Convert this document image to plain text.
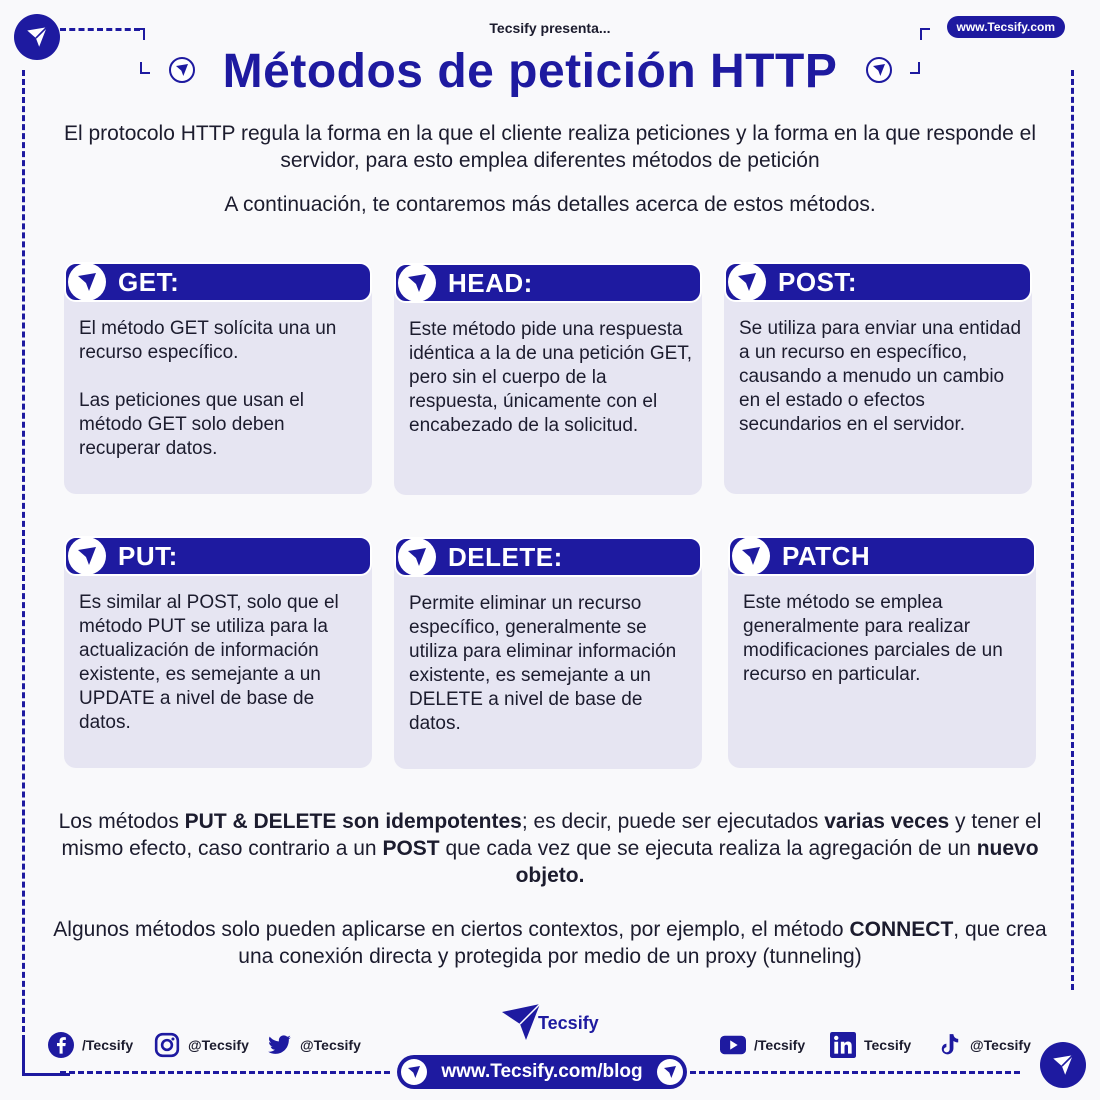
Tecsify presenta...	www.Tecsify.com
Métodos de petición HTTP

El protocolo HTTP regula la forma en la que el cliente realiza peticiones y la forma en la que responde el servidor, para esto emplea diferentes métodos de petición

A continuación, te contaremos más detalles acerca de estos métodos.

GET:
El método GET solícita una un recurso específico.

Las peticiones que usan el método GET solo deben recuperar datos.
HEAD:
Este método pide una respuesta idéntica a la de una petición GET, pero sin el cuerpo de la respuesta, únicamente con el encabezado de la solicitud.
POST:
Se utiliza para enviar una entidad a un recurso en específico, causando a menudo un cambio en el estado o efectos secundarios en el servidor.
PUT:
Es similar al POST, solo que el método PUT se utiliza para la actualización de información existente, es semejante a un UPDATE a nivel de base de datos.
DELETE:
Permite eliminar un recurso específico, generalmente se utiliza para eliminar información existente, es semejante a un DELETE a nivel de base de datos.
PATCH
Este método se emplea generalmente para realizar modificaciones parciales de un recurso en particular.

Los métodos PUT & DELETE son idempotentes; es decir, puede ser ejecutados varias veces y tener el mismo efecto, caso contrario a un POST que cada vez que se ejecuta realiza la agregación de un nuevo objeto.

Algunos métodos solo pueden aplicarse en ciertos contextos, por ejemplo, el método CONNECT, que crea una conexión directa y protegida por medio de un proxy (tunneling)

Tecsify
www.Tecsify.com/blog
/Tecsify	@Tecsify	@Tecsify	/Tecsify	Tecsify	@Tecsify
